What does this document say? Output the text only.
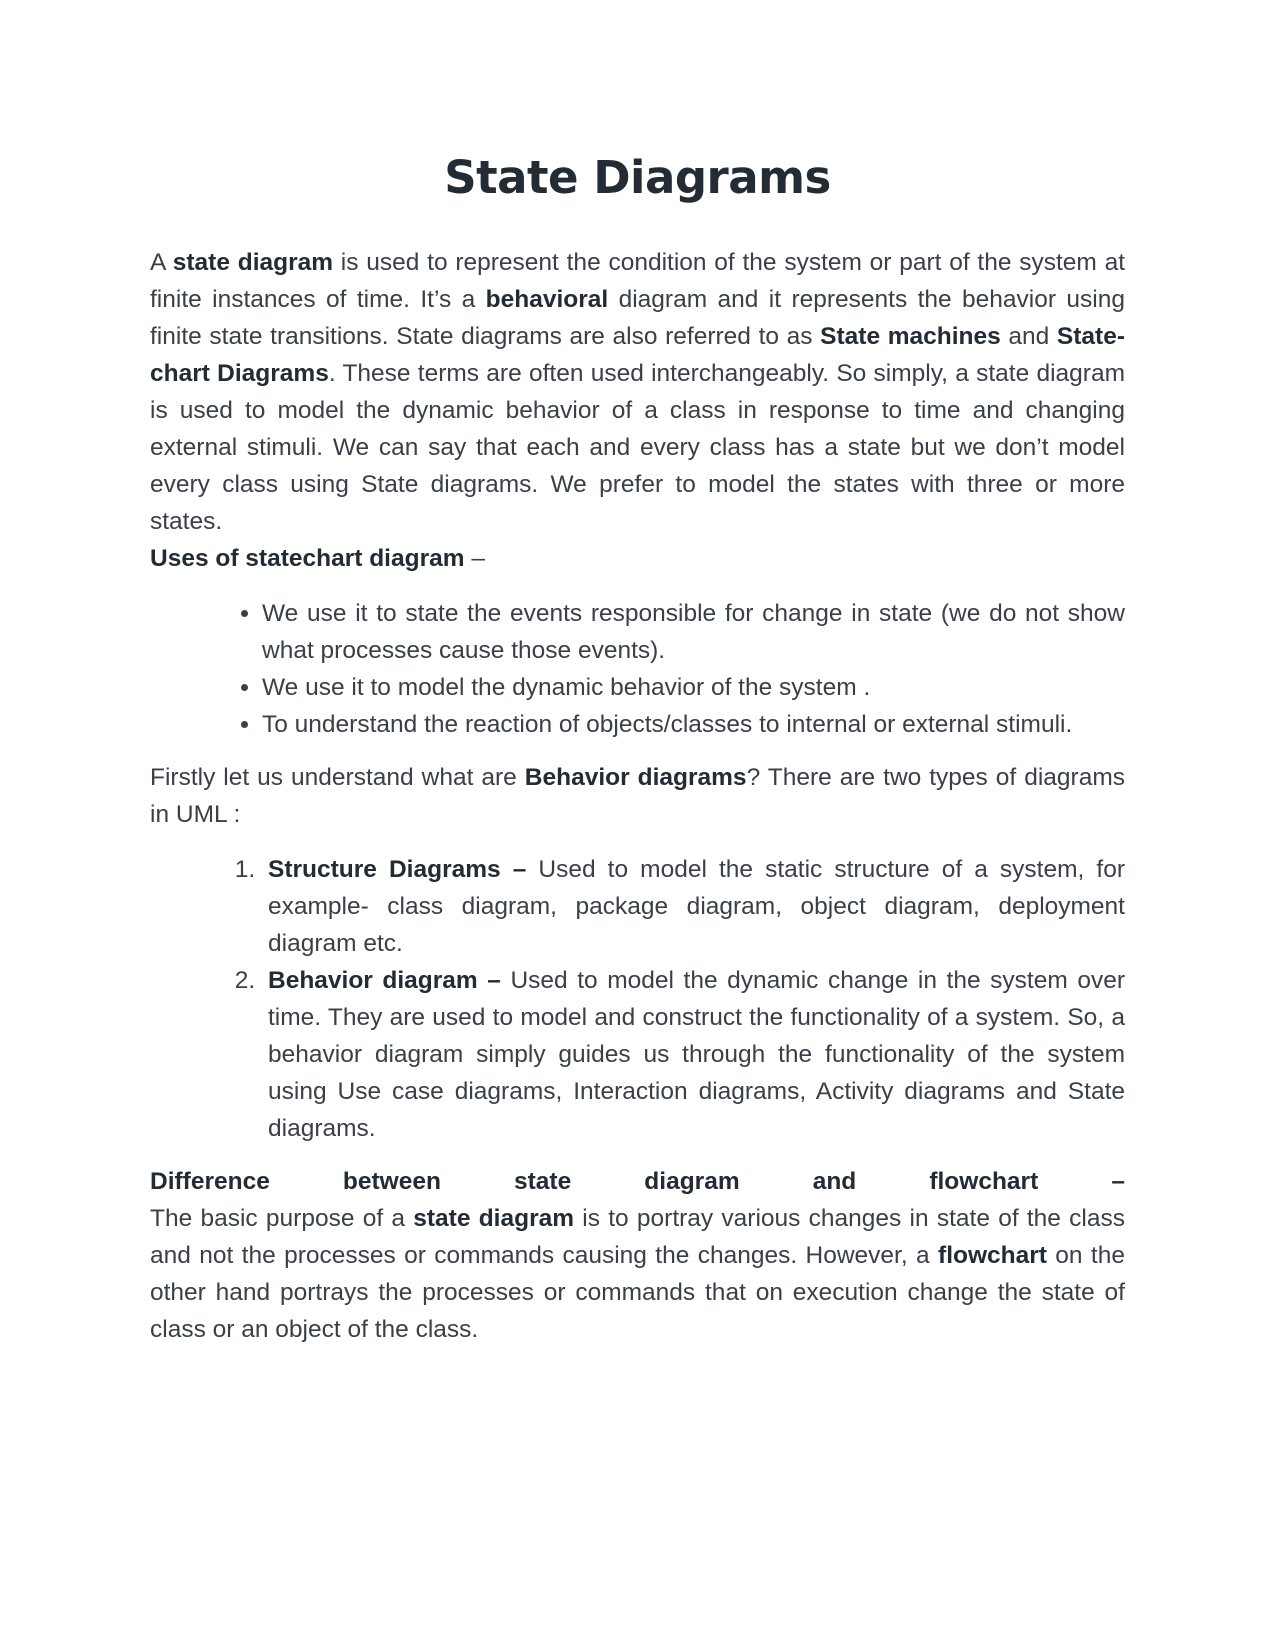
State Diagrams

A state diagram is used to represent the condition of the system or part of the system at finite instances of time. It’s a behavioral diagram and it represents the behavior using finite state transitions. State diagrams are also referred to as State machines and State-chart Diagrams. These terms are often used interchangeably. So simply, a state diagram is used to model the dynamic behavior of a class in response to time and changing external stimuli. We can say that each and every class has a state but we don’t model every class using State diagrams. We prefer to model the states with three or more states.

Uses of statechart diagram –

• We use it to state the events responsible for change in state (we do not show what processes cause those events).
• We use it to model the dynamic behavior of the system .
• To understand the reaction of objects/classes to internal or external stimuli.

Firstly let us understand what are Behavior diagrams? There are two types of diagrams in UML :

1. Structure Diagrams – Used to model the static structure of a system, for example- class diagram, package diagram, object diagram, deployment diagram etc.
2. Behavior diagram – Used to model the dynamic change in the system over time. They are used to model and construct the functionality of a system. So, a behavior diagram simply guides us through the functionality of the system using Use case diagrams, Interaction diagrams, Activity diagrams and State diagrams.
Difference	between	state	diagram	and	flowchart	–

The basic purpose of a state diagram is to portray various changes in state of the class and not the processes or commands causing the changes. However, a flowchart on the other hand portrays the processes or commands that on execution change the state of class or an object of the class.
